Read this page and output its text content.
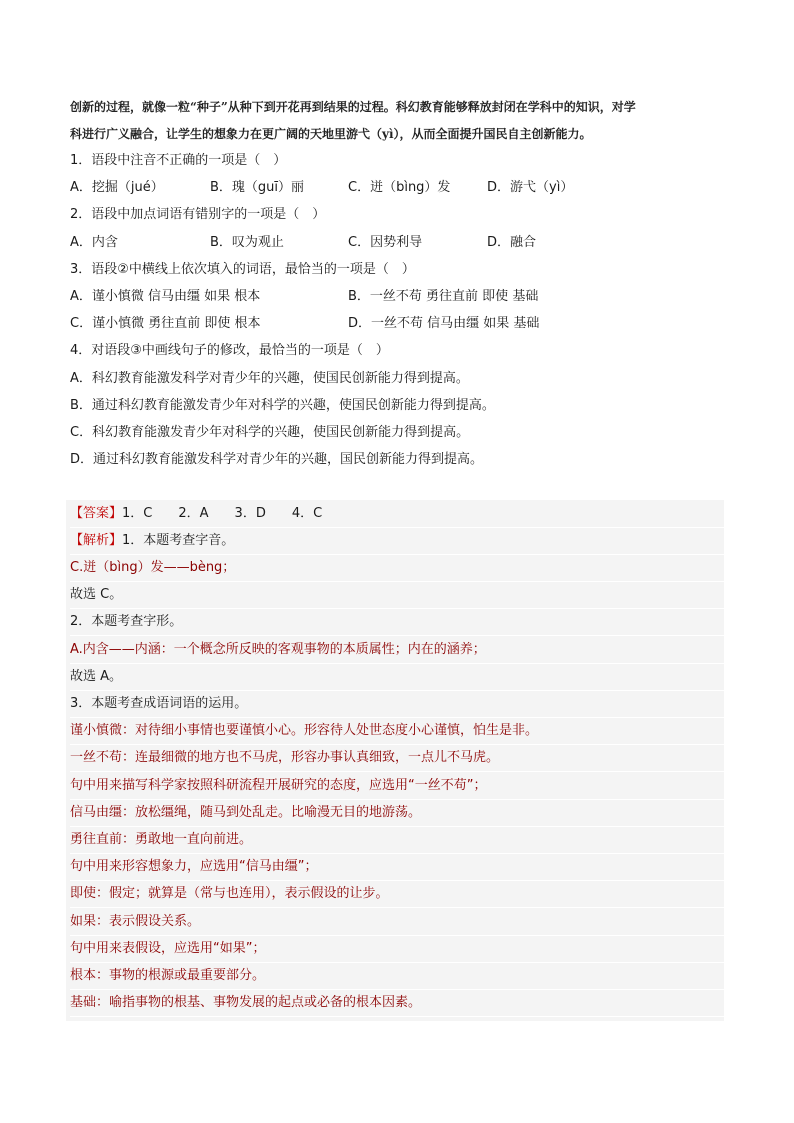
创新的过程，就像一粒“种子”从种下到开花再到结果的过程。科幻教育能够释放封闭在学科中的知识，对学

科进行广义融合，让学生的想象力在更广阔的天地里游弋（yì），从而全面提升国民自主创新能力。

1．语段中注音不正确的一项是（　）

A．挖掘（jué）	B．瑰（guī）丽	C．迸（bìng）发	D．游弋（yì）

2．语段中加点词语有错别字的一项是（　）

A．内含	B．叹为观止	C．因势利导	D．融合

3．语段②中横线上依次填入的词语，最恰当的一项是（　）

A．谨小慎微 信马由缰 如果 根本	B．一丝不苟 勇往直前 即使 基础
C．谨小慎微 勇往直前 即使 根本	D．一丝不苟 信马由缰 如果 基础

4．对语段③中画线句子的修改，最恰当的一项是（　）

A．科幻教育能激发科学对青少年的兴趣，使国民创新能力得到提高。

B．通过科幻教育能激发青少年对科学的兴趣，使国民创新能力得到提高。

C．科幻教育能激发青少年对科学的兴趣，使国民创新能力得到提高。

D．通过科幻教育能激发科学对青少年的兴趣，国民创新能力得到提高。

【答案】1．C 2．A 3．D 4．C
【解析】1．本题考查字音。
C.迸（bìng）发——bèng；
故选 C。
2．本题考查字形。
A.内含——内涵：一个概念所反映的客观事物的本质属性；内在的涵养；
故选 A。
3．本题考查成语词语的运用。
谨小慎微：对待细小事情也要谨慎小心。形容待人处世态度小心谨慎，怕生是非。
一丝不苟：连最细微的地方也不马虎，形容办事认真细致，一点儿不马虎。
句中用来描写科学家按照科研流程开展研究的态度，应选用“一丝不苟”；
信马由缰：放松缰绳，随马到处乱走。比喻漫无目的地游荡。
勇往直前：勇敢地一直向前进。
句中用来形容想象力，应选用“信马由缰”；
即使：假定；就算是（常与也连用），表示假设的让步。
如果：表示假设关系。
句中用来表假设，应选用“如果”；
根本：事物的根源或最重要部分。
基础：喻指事物的根基、事物发展的起点或必备的根本因素。
